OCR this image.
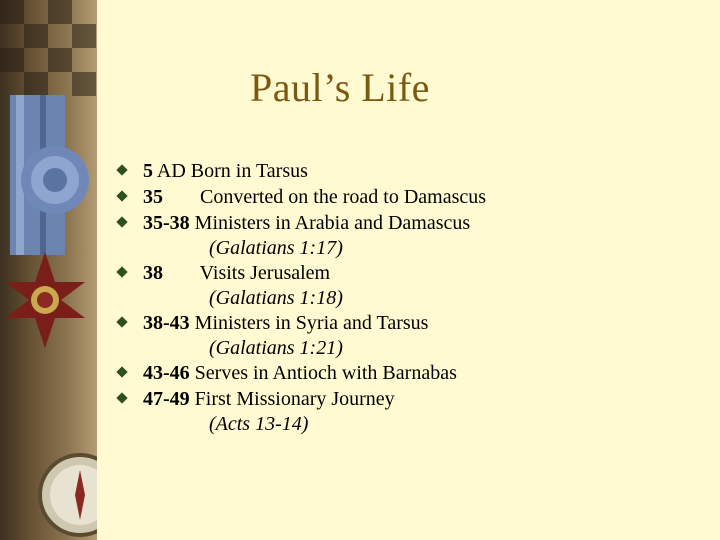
Paul’s Life
5 AD Born in Tarsus
35 Converted on the road to Damascus
35-38 Ministers in Arabia and Damascus
(Galatians 1:17)
38 Visits Jerusalem
(Galatians 1:18)
38-43 Ministers in Syria and Tarsus
(Galatians 1:21)
43-46 Serves in Antioch with Barnabas
47-49 First Missionary Journey
(Acts 13-14)
